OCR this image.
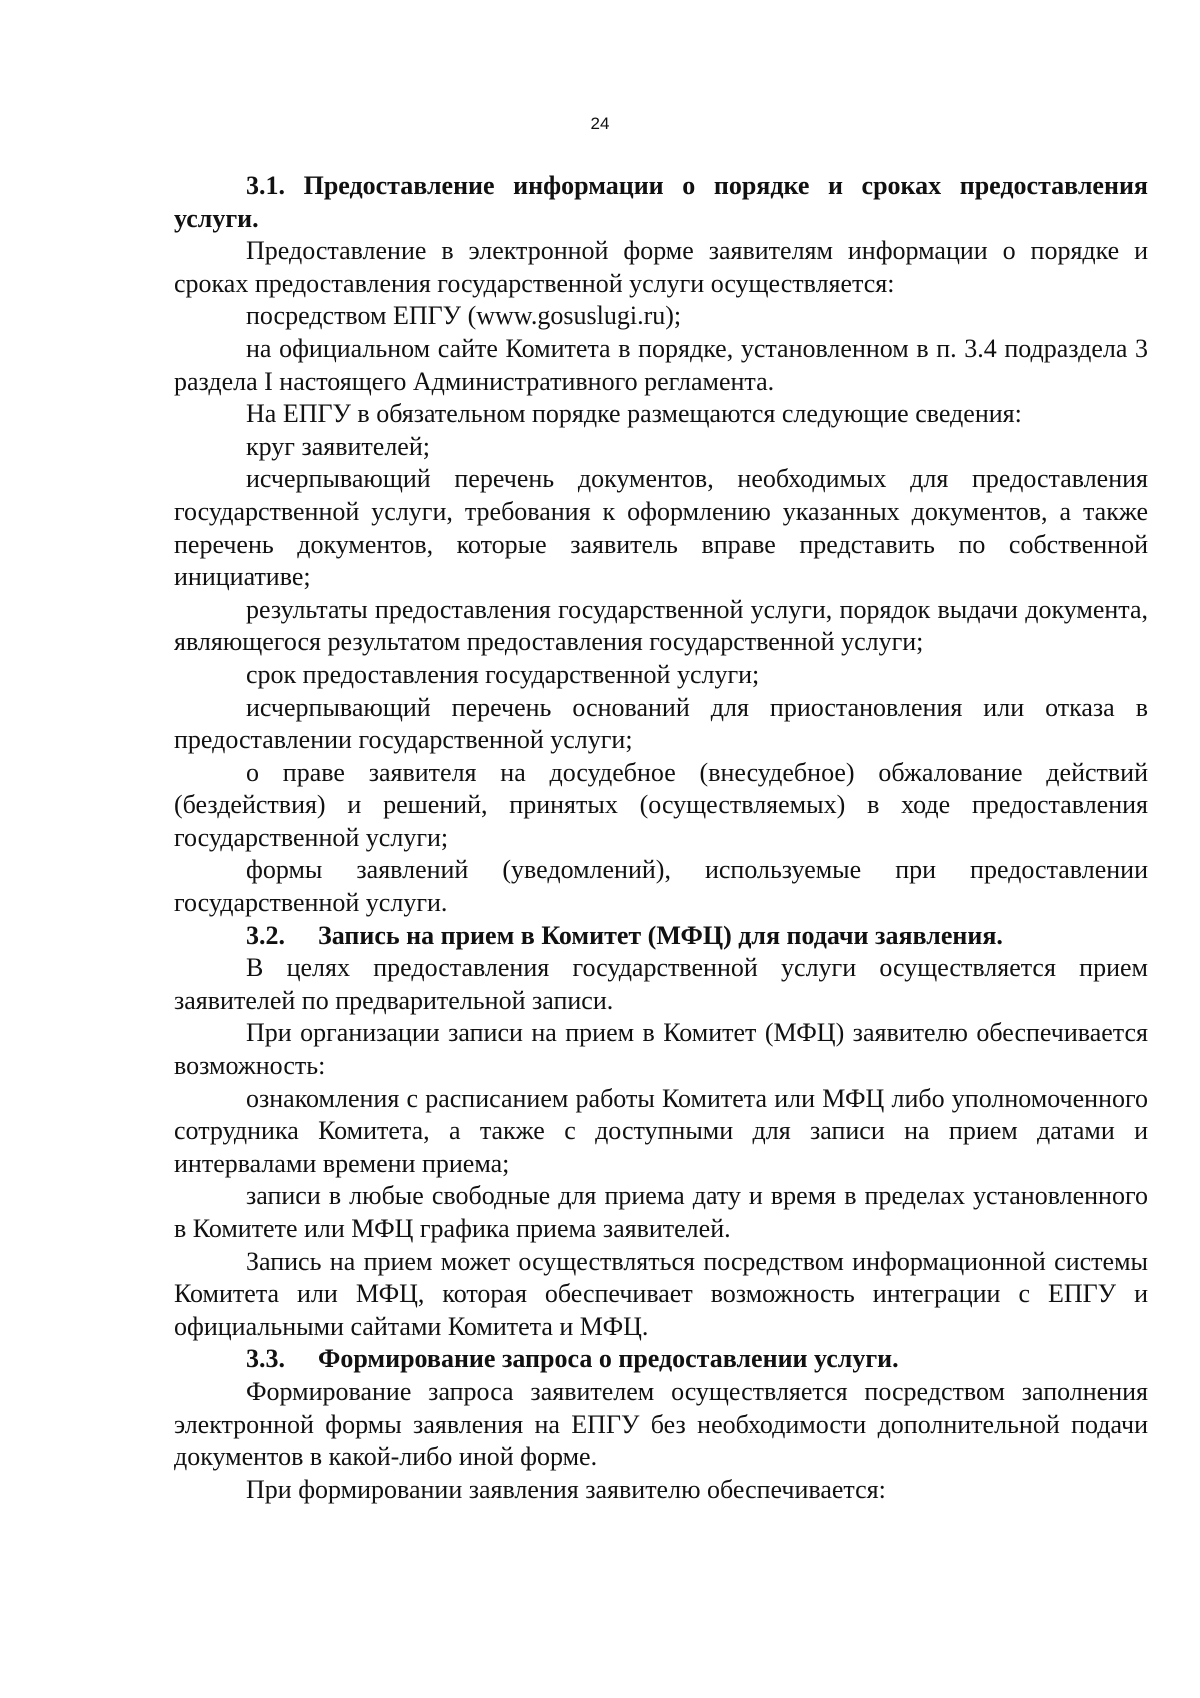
24

3.1. Предоставление информации о порядке и сроках предоставления услуги.

Предоставление в электронной форме заявителям информации о порядке и сроках предоставления государственной услуги осуществляется:

посредством ЕПГУ (www.gosuslugi.ru);

на официальном сайте Комитета в порядке, установленном в п. 3.4 подраздела 3 раздела I настоящего Административного регламента.

На ЕПГУ в обязательном порядке размещаются следующие сведения:

круг заявителей;

исчерпывающий перечень документов, необходимых для предоставления государственной услуги, требования к оформлению указанных документов, а также перечень документов, которые заявитель вправе представить по собственной инициативе;

результаты предоставления государственной услуги, порядок выдачи документа, являющегося результатом предоставления государственной услуги;

срок предоставления государственной услуги;

исчерпывающий перечень оснований для приостановления или отказа в предоставлении государственной услуги;

о праве заявителя на досудебное (внесудебное) обжалование действий (бездействия) и решений, принятых (осуществляемых) в ходе предоставления государственной услуги;

формы заявлений (уведомлений), используемые при предоставлении государственной услуги.

3.2. Запись на прием в Комитет (МФЦ) для подачи заявления.

В целях предоставления государственной услуги осуществляется прием заявителей по предварительной записи.

При организации записи на прием в Комитет (МФЦ) заявителю обеспечивается возможность:

ознакомления с расписанием работы Комитета или МФЦ либо уполномоченного сотрудника Комитета, а также с доступными для записи на прием датами и интервалами времени приема;

записи в любые свободные для приема дату и время в пределах установленного в Комитете или МФЦ графика приема заявителей.

Запись на прием может осуществляться посредством информационной системы Комитета или МФЦ, которая обеспечивает возможность интеграции с ЕПГУ и официальными сайтами Комитета и МФЦ.

3.3. Формирование запроса о предоставлении услуги.

Формирование запроса заявителем осуществляется посредством заполнения электронной формы заявления на ЕПГУ без необходимости дополнительной подачи документов в какой-либо иной форме.

При формировании заявления заявителю обеспечивается:
